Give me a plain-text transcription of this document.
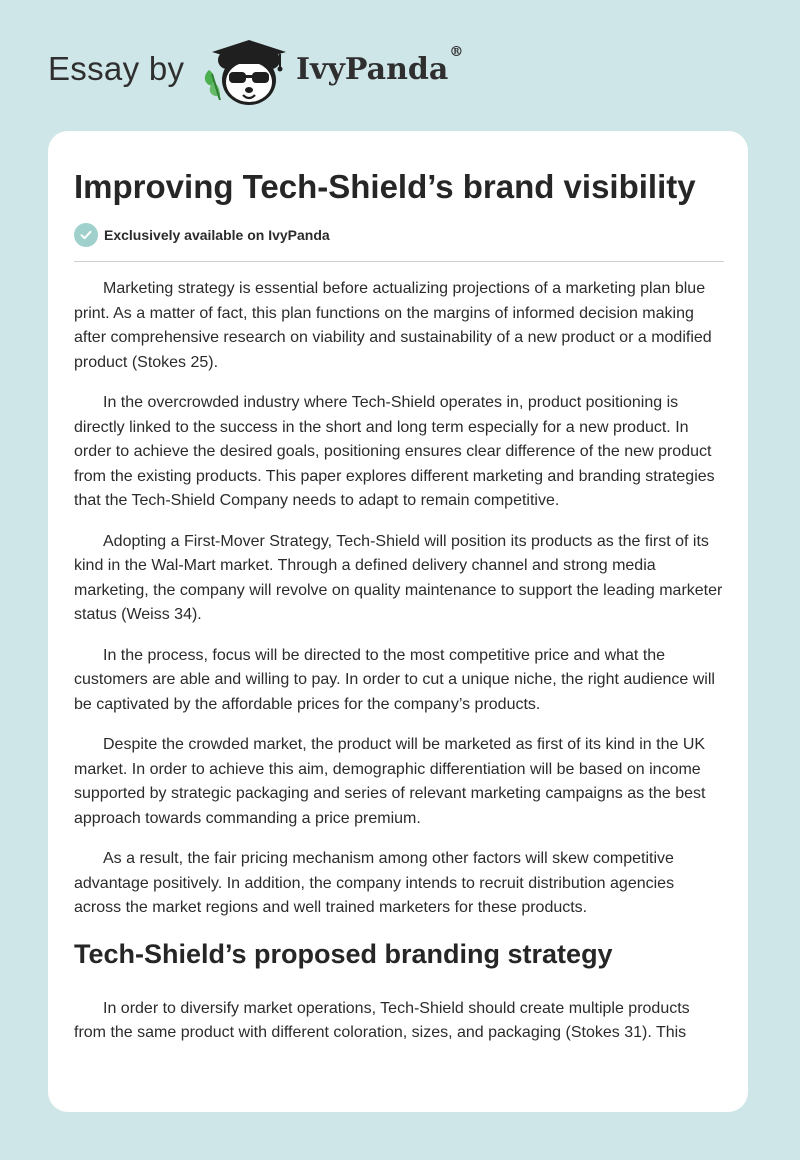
Essay by	IvyPanda®
Improving Tech-Shield’s brand visibility
Exclusively available on IvyPanda

Marketing strategy is essential before actualizing projections of a marketing plan blue print. As a matter of fact, this plan functions on the margins of informed decision making after comprehensive research on viability and sustainability of a new product or a modified product (Stokes 25).

In the overcrowded industry where Tech-Shield operates in, product positioning is directly linked to the success in the short and long term especially for a new product. In order to achieve the desired goals, positioning ensures clear difference of the new product from the existing products. This paper explores different marketing and branding strategies that the Tech-Shield Company needs to adapt to remain competitive.

Adopting a First-Mover Strategy, Tech-Shield will position its products as the first of its kind in the Wal-Mart market. Through a defined delivery channel and strong media marketing, the company will revolve on quality maintenance to support the leading marketer status (Weiss 34).

In the process, focus will be directed to the most competitive price and what the customers are able and willing to pay. In order to cut a unique niche, the right audience will be captivated by the affordable prices for the company’s products.

Despite the crowded market, the product will be marketed as first of its kind in the UK market. In order to achieve this aim, demographic differentiation will be based on income supported by strategic packaging and series of relevant marketing campaigns as the best approach towards commanding a price premium.

As a result, the fair pricing mechanism among other factors will skew competitive advantage positively. In addition, the company intends to recruit distribution agencies across the market regions and well trained marketers for these products.

Tech-Shield’s proposed branding strategy

In order to diversify market operations, Tech-Shield should create multiple products from the same product with different coloration, sizes, and packaging (Stokes 31). This
